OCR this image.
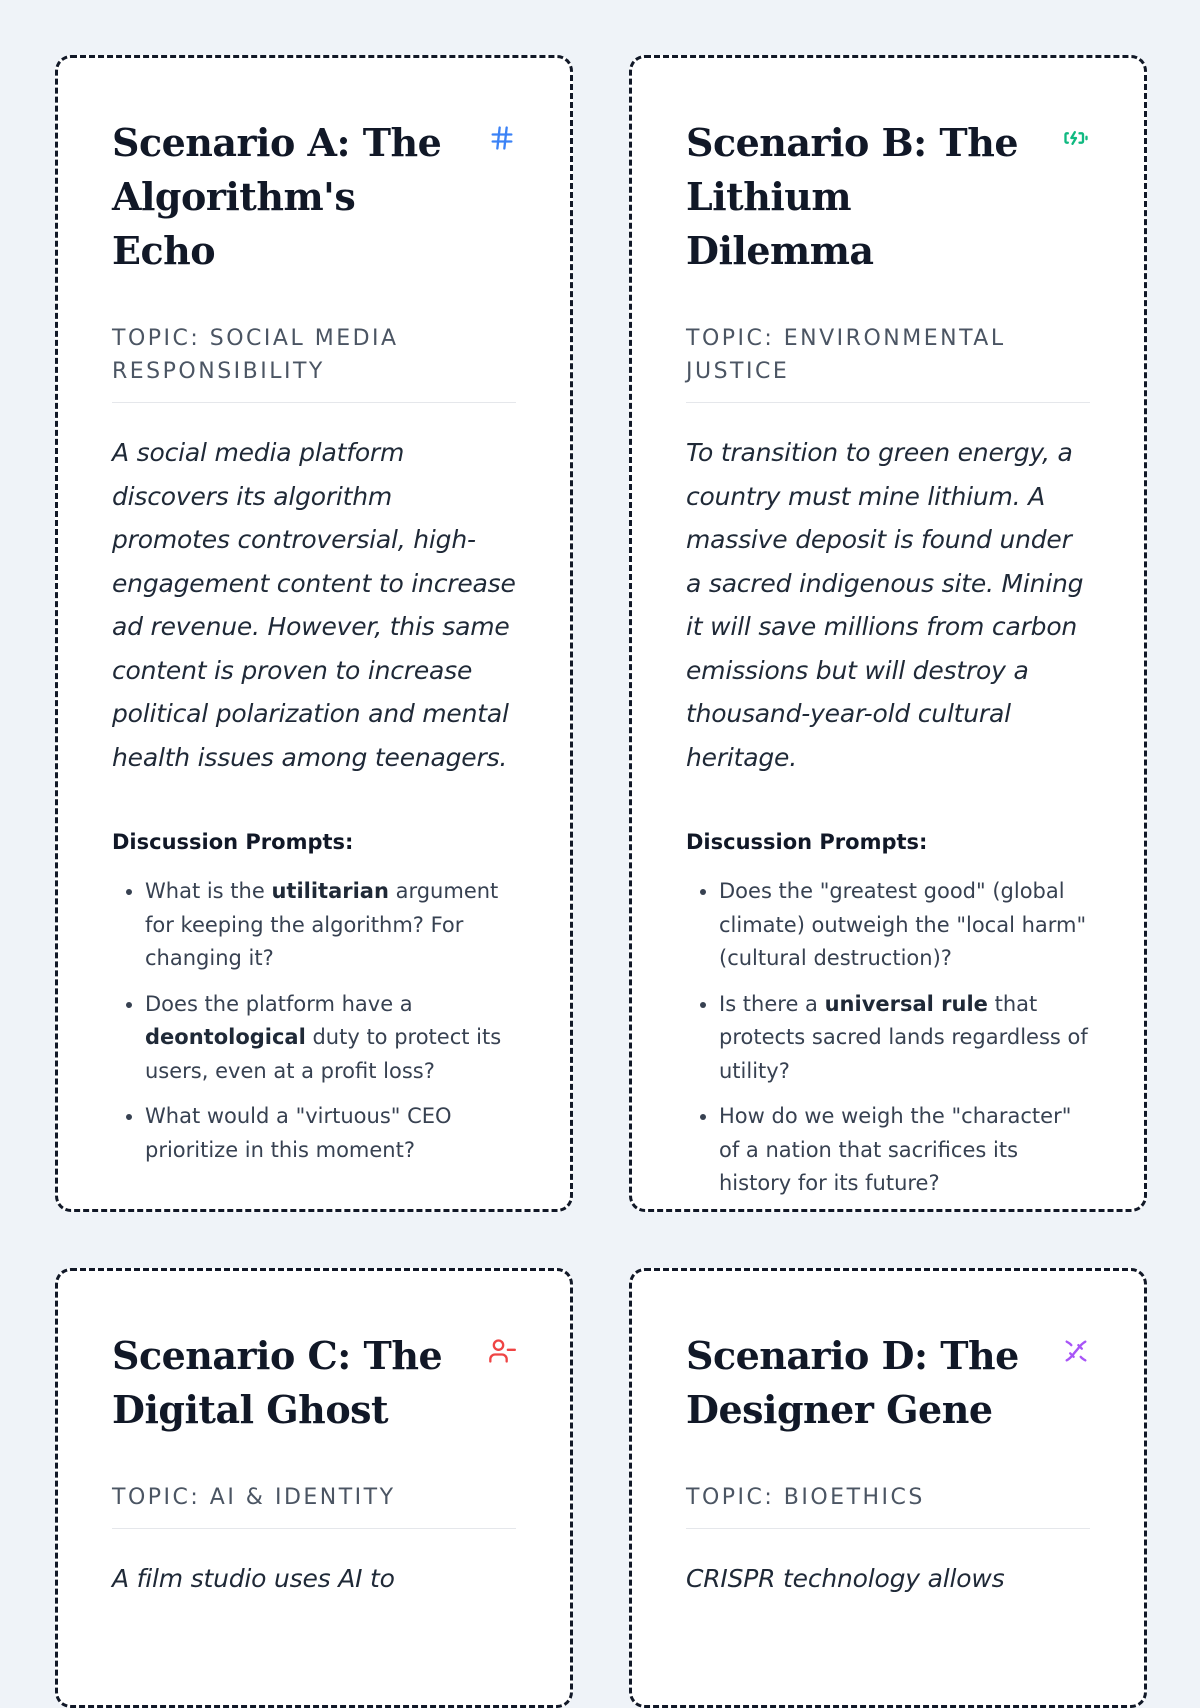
Scenario A: The Algorithm's Echo
TOPIC: SOCIAL MEDIA RESPONSIBILITY
A social media platform discovers its algorithm promotes controversial, high-engagement content to increase ad revenue. However, this same content is proven to increase political polarization and mental health issues among teenagers.
Discussion Prompts:
• What is the utilitarian argument for keeping the algorithm? For changing it?
• Does the platform have a deontological duty to protect its users, even at a profit loss?
• What would a "virtuous" CEO prioritize in this moment?
Scenario B: The Lithium Dilemma
TOPIC: ENVIRONMENTAL JUSTICE
To transition to green energy, a country must mine lithium. A massive deposit is found under a sacred indigenous site. Mining it will save millions from carbon emissions but will destroy a thousand-year-old cultural heritage.
Discussion Prompts:
• Does the "greatest good" (global climate) outweigh the "local harm" (cultural destruction)?
• Is there a universal rule that protects sacred lands regardless of utility?
• How do we weigh the "character" of a nation that sacrifices its history for its future?
Scenario C: The Digital Ghost
TOPIC: AI & IDENTITY
A film studio uses AI to
Scenario D: The Designer Gene
TOPIC: BIOETHICS
CRISPR technology allows
